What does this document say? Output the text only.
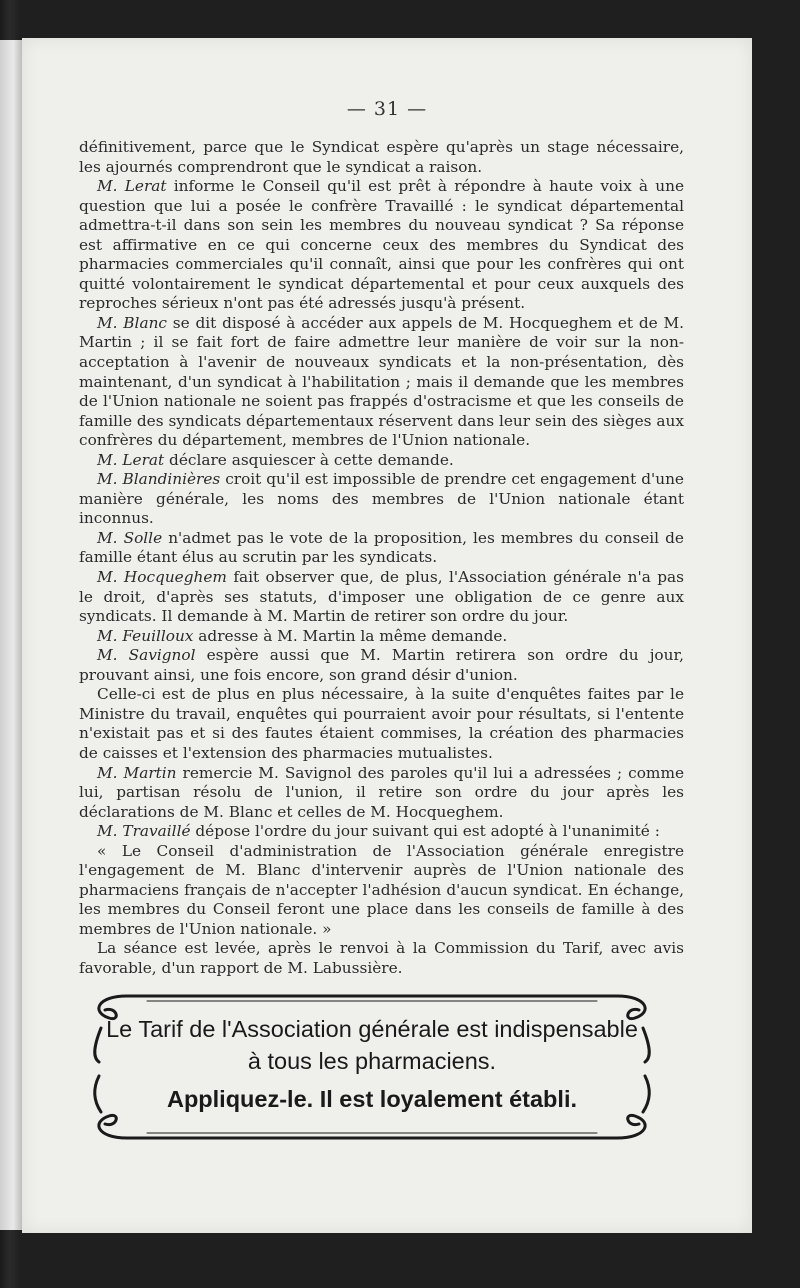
— 31 —

définitivement, parce que le Syndicat espère qu'après un stage nécessaire, les ajournés comprendront que le syndicat a raison.

M. Lerat informe le Conseil qu'il est prêt à répondre à haute voix à une question que lui a posée le confrère Travaillé : le syndicat départemental admettra-t-il dans son sein les membres du nouveau syndicat ? Sa réponse est affirmative en ce qui concerne ceux des membres du Syndicat des pharmacies commerciales qu'il connaît, ainsi que pour les confrères qui ont quitté volontairement le syndicat départemental et pour ceux auxquels des reproches sérieux n'ont pas été adressés jusqu'à présent.

M. Blanc se dit disposé à accéder aux appels de M. Hocqueghem et de M. Martin ; il se fait fort de faire admettre leur manière de voir sur la non-acceptation à l'avenir de nouveaux syndicats et la non-présentation, dès maintenant, d'un syndicat à l'habilitation ; mais il demande que les membres de l'Union nationale ne soient pas frappés d'ostracisme et que les conseils de famille des syndicats départementaux réservent dans leur sein des sièges aux confrères du département, membres de l'Union nationale.

M. Lerat déclare asquiescer à cette demande.

M. Blandinières croit qu'il est impossible de prendre cet engagement d'une manière générale, les noms des membres de l'Union nationale étant inconnus.

M. Solle n'admet pas le vote de la proposition, les membres du conseil de famille étant élus au scrutin par les syndicats.

M. Hocqueghem fait observer que, de plus, l'Association générale n'a pas le droit, d'après ses statuts, d'imposer une obligation de ce genre aux syndicats. Il demande à M. Martin de retirer son ordre du jour.

M. Feuilloux adresse à M. Martin la même demande.

M. Savignol espère aussi que M. Martin retirera son ordre du jour, prouvant ainsi, une fois encore, son grand désir d'union.

Celle-ci est de plus en plus nécessaire, à la suite d'enquêtes faites par le Ministre du travail, enquêtes qui pourraient avoir pour résultats, si l'entente n'existait pas et si des fautes étaient commises, la création des pharmacies de caisses et l'extension des pharmacies mutualistes.

M. Martin remercie M. Savignol des paroles qu'il lui a adressées ; comme lui, partisan résolu de l'union, il retire son ordre du jour après les déclarations de M. Blanc et celles de M. Hocqueghem.

M. Travaillé dépose l'ordre du jour suivant qui est adopté à l'unanimité :

« Le Conseil d'administration de l'Association générale enregistre l'engagement de M. Blanc d'intervenir auprès de l'Union nationale des pharmaciens français de n'accepter l'adhésion d'aucun syndicat. En échange, les membres du Conseil feront une place dans les conseils de famille à des membres de l'Union nationale. »

La séance est levée, après le renvoi à la Commission du Tarif, avec avis favorable, d'un rapport de M. Labussière.

Le Tarif de l'Association générale est indispensable
à tous les pharmaciens.
Appliquez-le. Il est loyalement établi.
